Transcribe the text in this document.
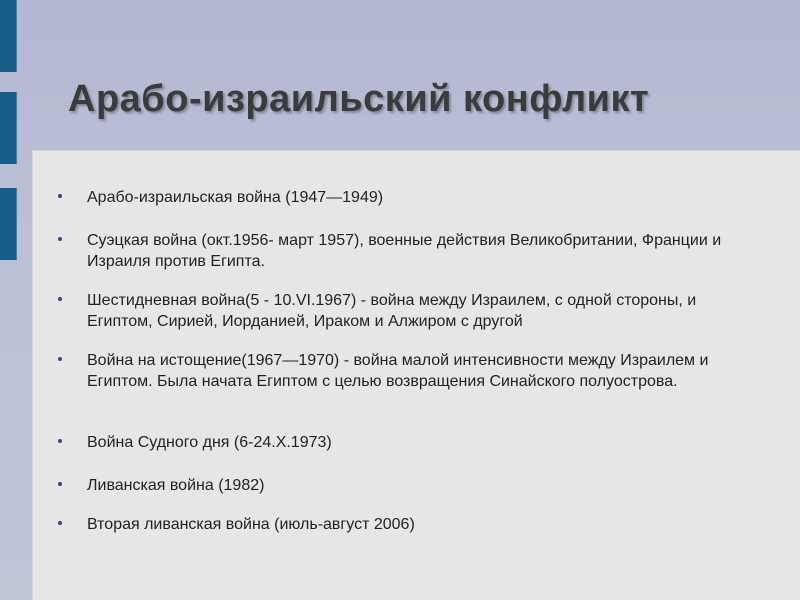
Арабо-израильский конфликт
Арабо-израильская война (1947—1949)
Суэцкая война (окт.1956- март 1957), военные действия Великобритании, Франции и Израиля против Египта.
Шестидневная война(5 - 10.VI.1967) - война между Израилем, с одной стороны, и Египтом, Сирией, Иорданией, Ираком и Алжиром с другой
Война на истощение(1967—1970) - война малой интенсивности между Израилем и Египтом. Была начата Египтом с целью возвращения Синайского полуострова.
Война Судного дня (6-24.X.1973)
Ливанская война (1982)
Вторая ливанская война (июль-август 2006)
